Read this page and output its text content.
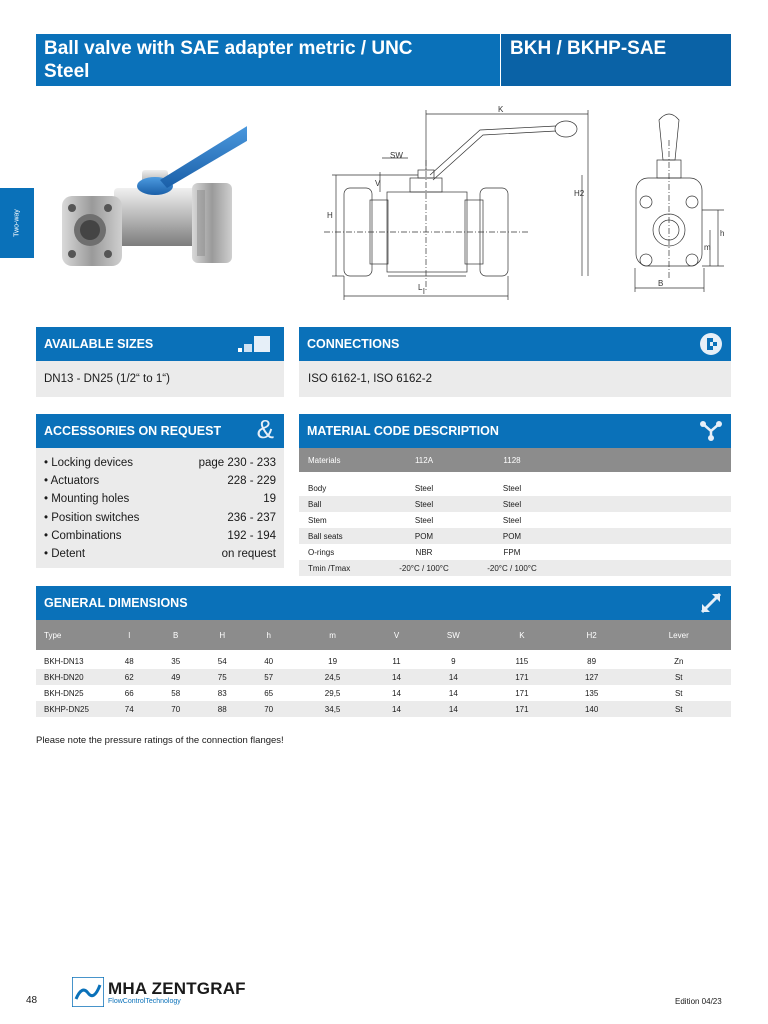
Ball valve with SAE adapter metric / UNC
Steel
BKH / BKHP-SAE
Two-way
K
SW
l
H
V
H2
B
h
m
L
AVAILABLE SIZES
DN13 - DN25 (1/2“ to 1“)
CONNECTIONS
ISO 6162-1, ISO 6162-2
ACCESSORIES ON REQUEST &
• Locking devices	page 230 - 233
• Actuators	228 - 229
• Mounting holes	19
• Position switches	236 - 237
• Combinations	192 - 194
• Detent	on request
MATERIAL CODE DESCRIPTION
Materials	112A	1128	

Body	Steel	Steel	
Ball	Steel	Steel	
Stem	Steel	Steel	
Ball seats	POM	POM	
O-rings	NBR	FPM	
Tmin /Tmax	-20°C / 100°C	-20°C / 100°C	
GENERAL DIMENSIONS
Type	l	B	H	h	m	V	SW	K	H2	Lever

BKH-DN13	48	35	54	40	19	11	9	115	89	Zn
BKH-DN20	62	49	75	57	24,5	14	14	171	127	St
BKH-DN25	66	58	83	65	29,5	14	14	171	135	St
BKHP-DN25	74	70	88	70	34,5	14	14	171	140	St
Please note the pressure ratings of the connection flanges!
48
MHA ZENTGRAF
FlowControlTechnology	Edition 04/23
